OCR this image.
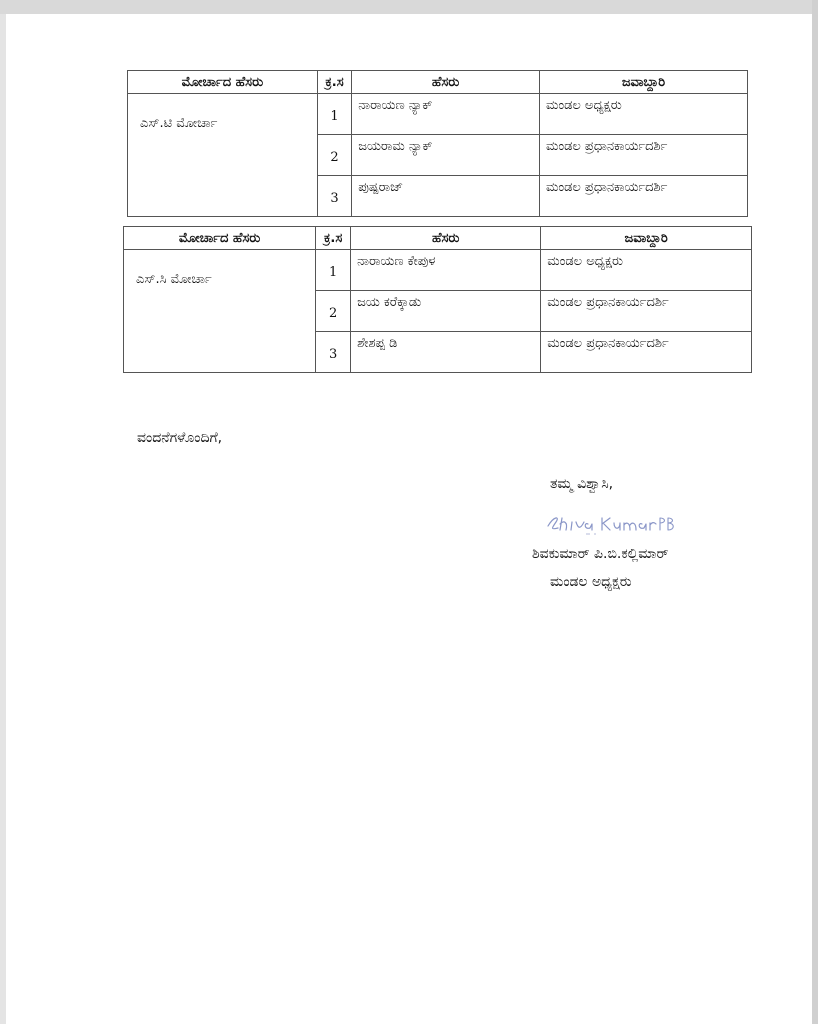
ಮೋರ್ಚಾದ ಹೆಸರು	ಕ್ರ.ಸ	ಹೆಸರು	ಜವಾಬ್ದಾರಿ
ಎಸ್.ಟಿ ಮೋರ್ಚಾ	1	ನಾರಾಯಣ ನ್ಯಾಕ್	ಮಂಡಲ ಅಧ್ಯಕ್ಷರು
	2	ಜಯರಾಮ ನ್ಯಾಕ್	ಮಂಡಲ ಪ್ರಧಾನಕಾರ್ಯದರ್ಶಿ
	3	ಪುಷ್ಪರಾಜ್	ಮಂಡಲ ಪ್ರಧಾನಕಾರ್ಯದರ್ಶಿ
ಮೋರ್ಚಾದ ಹೆಸರು	ಕ್ರ.ಸ	ಹೆಸರು	ಜವಾಬ್ದಾರಿ
ಎಸ್.ಸಿ ಮೋರ್ಚಾ	1	ನಾರಾಯಣ ಕೇಪುಳ	ಮಂಡಲ ಅಧ್ಯಕ್ಷರು
	2	ಜಯ ಕರೆಕ್ಕಾಡು	ಮಂಡಲ ಪ್ರಧಾನಕಾರ್ಯದರ್ಶಿ
	3	ಶೇಶಪ್ಪ ಡಿ	ಮಂಡಲ ಪ್ರಧಾನಕಾರ್ಯದರ್ಶಿ
ವಂದನೆಗಳೊಂದಿಗೆ,
ತಮ್ಮ ವಿಶ್ವಾಸಿ,
ಶಿವಕುಮಾರ್ ಪಿ.ಬಿ.ಕಲ್ಲಿಮಾರ್
ಮಂಡಲ ಅಧ್ಯಕ್ಷರು
